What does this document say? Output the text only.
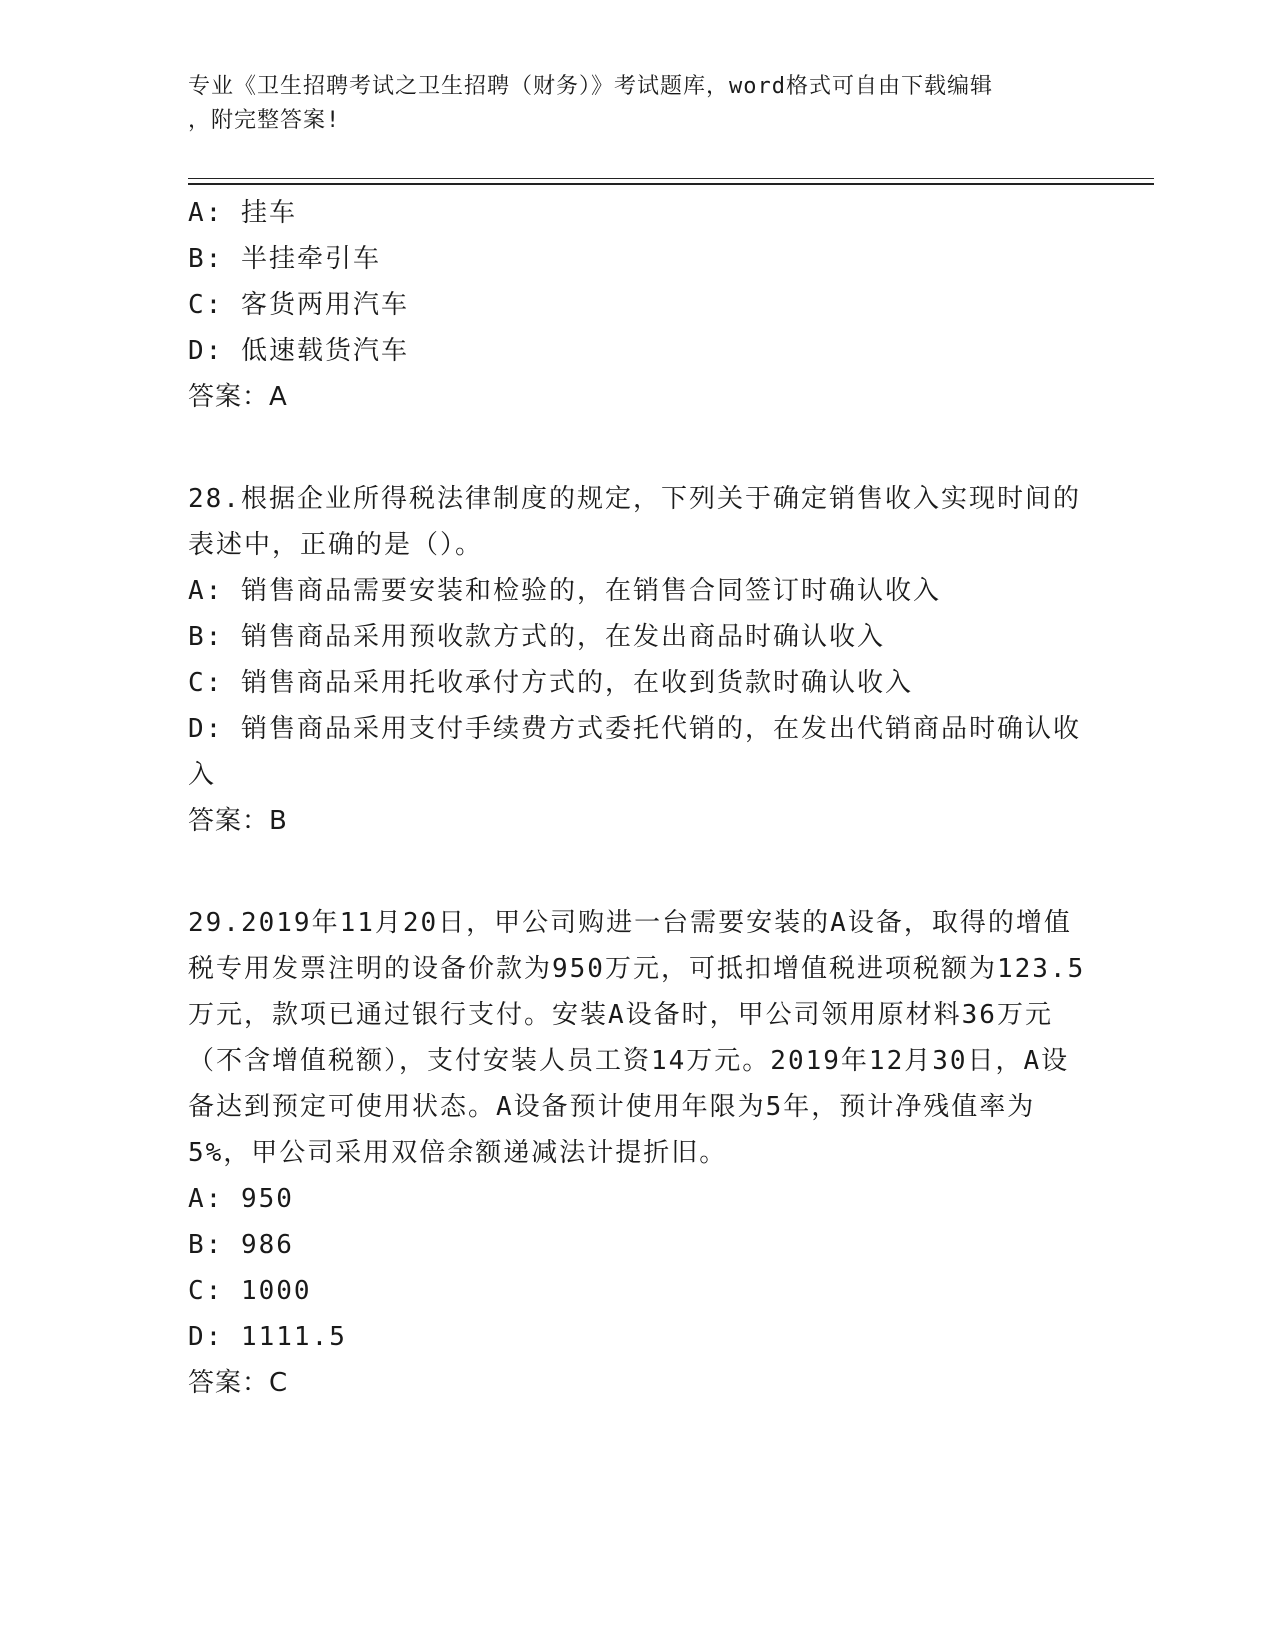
专业《卫生招聘考试之卫生招聘（财务）》考试题库，word格式可自由下载编辑
，附完整答案!
A: 挂车
B: 半挂牵引车
C: 客货两用汽车
D: 低速载货汽车
答案：A
28.根据企业所得税法律制度的规定，下列关于确定销售收入实现时间的表述中，正确的是（）。
A: 销售商品需要安装和检验的，在销售合同签订时确认收入
B: 销售商品采用预收款方式的，在发出商品时确认收入
C: 销售商品采用托收承付方式的，在收到货款时确认收入
D: 销售商品采用支付手续费方式委托代销的，在发出代销商品时确认收入
答案：B
29.2019年11月20日，甲公司购进一台需要安装的A设备，取得的增值税专用发票注明的设备价款为950万元，可抵扣增值税进项税额为123.5万元，款项已通过银行支付。安装A设备时，甲公司领用原材料36万元（不含增值税额），支付安装人员工资14万元。2019年12月30日，A设备达到预定可使用状态。A设备预计使用年限为5年，预计净残值率为5%，甲公司采用双倍余额递减法计提折旧。
A: 950
B: 986
C: 1000
D: 1111.5
答案：C
